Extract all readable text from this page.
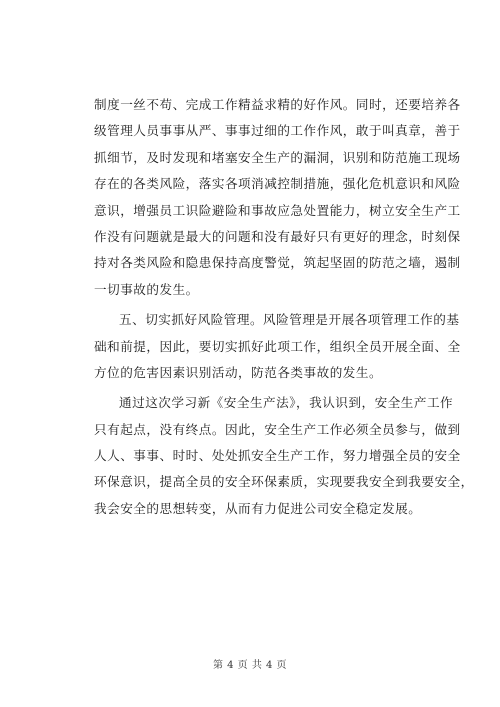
制度一丝不苟、完成工作精益求精的好作风。同时，还要培养各
级管理人员事事从严、事事过细的工作作风，敢于叫真章，善于
抓细节，及时发现和堵塞安全生产的漏洞，识别和防范施工现场
存在的各类风险，落实各项消减控制措施，强化危机意识和风险
意识，增强员工识险避险和事故应急处置能力，树立安全生产工
作没有问题就是最大的问题和没有最好只有更好的理念，时刻保
持对各类风险和隐患保持高度警觉，筑起坚固的防范之墙，遏制
一切事故的发生。
五、切实抓好风险管理。风险管理是开展各项管理工作的基
础和前提，因此，要切实抓好此项工作，组织全员开展全面、全
方位的危害因素识别活动，防范各类事故的发生。
通过这次学习新《安全生产法》，我认识到，安全生产工作
只有起点，没有终点。因此，安全生产工作必须全员参与，做到
人人、事事、时时、处处抓安全生产工作，努力增强全员的安全
环保意识，提高全员的安全环保素质，实现要我安全到我要安全，
我会安全的思想转变，从而有力促进公司安全稳定发展。
第 4 页 共 4 页
